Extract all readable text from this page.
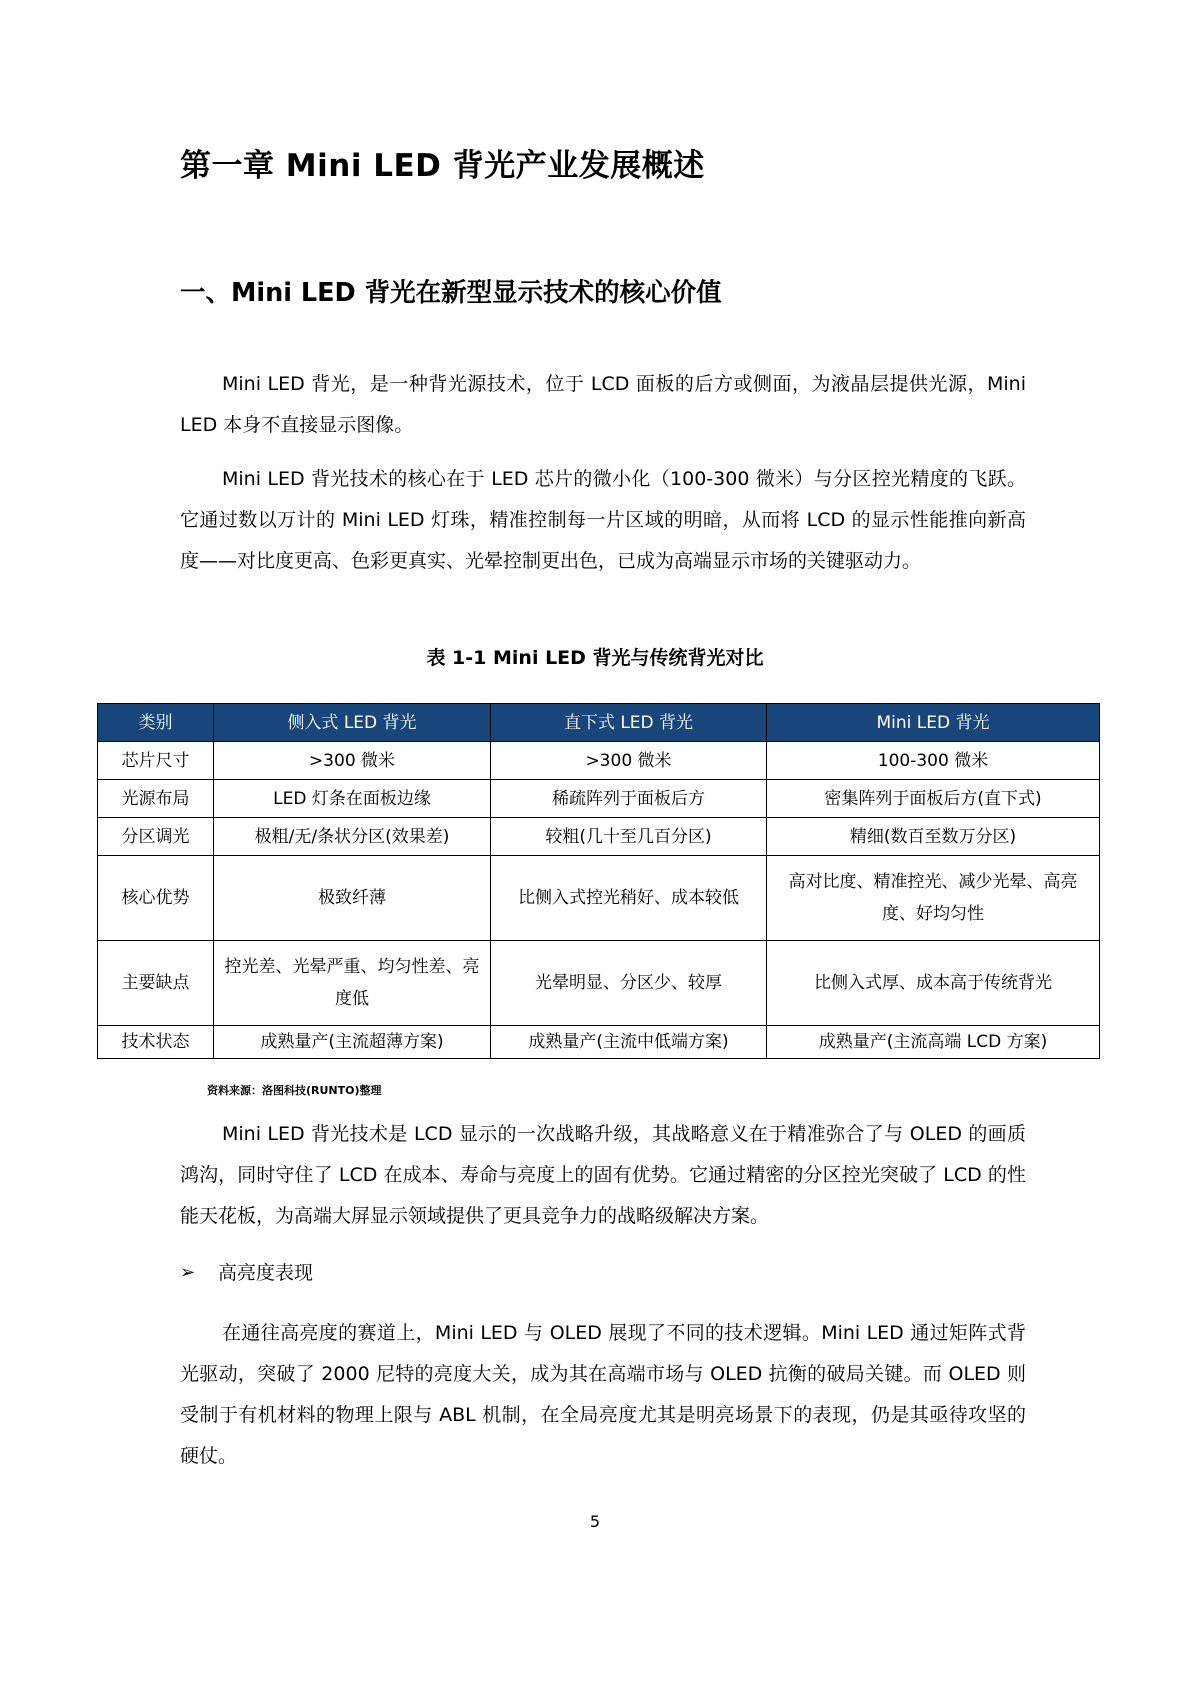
第一章 Mini LED 背光产业发展概述
一、Mini LED 背光在新型显示技术的核心价值

Mini LED 背光，是一种背光源技术，位于 LCD 面板的后方或侧面，为液晶层提供光源，Mini LED 本身不直接显示图像。

Mini LED 背光技术的核心在于 LED 芯片的微小化（100-300 微米）与分区控光精度的飞跃。它通过数以万计的 Mini LED 灯珠，精准控制每一片区域的明暗，从而将 LCD 的显示性能推向新高度——对比度更高、色彩更真实、光晕控制更出色，已成为高端显示市场的关键驱动力。

表 1-1 Mini LED 背光与传统背光对比

类别	侧入式 LED 背光	直下式 LED 背光	Mini LED 背光
芯片尺寸	>300 微米	>300 微米	100-300 微米
光源布局	LED 灯条在面板边缘	稀疏阵列于面板后方	密集阵列于面板后方(直下式)
分区调光	极粗/无/条状分区(效果差)	较粗(几十至几百分区)	精细(数百至数万分区)
核心优势	极致纤薄	比侧入式控光稍好、成本较低	高对比度、精准控光、减少光晕、高亮度、好均匀性
主要缺点	控光差、光晕严重、均匀性差、亮度低	光晕明显、分区少、较厚	比侧入式厚、成本高于传统背光
技术状态	成熟量产(主流超薄方案)	成熟量产(主流中低端方案)	成熟量产(主流高端 LCD 方案)

资料来源：洛图科技(RUNTO)整理

Mini LED 背光技术是 LCD 显示的一次战略升级，其战略意义在于精准弥合了与 OLED 的画质鸿沟，同时守住了 LCD 在成本、寿命与亮度上的固有优势。它通过精密的分区控光突破了 LCD 的性能天花板，为高端大屏显示领域提供了更具竞争力的战略级解决方案。

➢	高亮度表现

在通往高亮度的赛道上，Mini LED 与 OLED 展现了不同的技术逻辑。Mini LED 通过矩阵式背光驱动，突破了 2000 尼特的亮度大关，成为其在高端市场与 OLED 抗衡的破局关键。而 OLED 则受制于有机材料的物理上限与 ABL 机制，在全局亮度尤其是明亮场景下的表现，仍是其亟待攻坚的硬仗。

5
